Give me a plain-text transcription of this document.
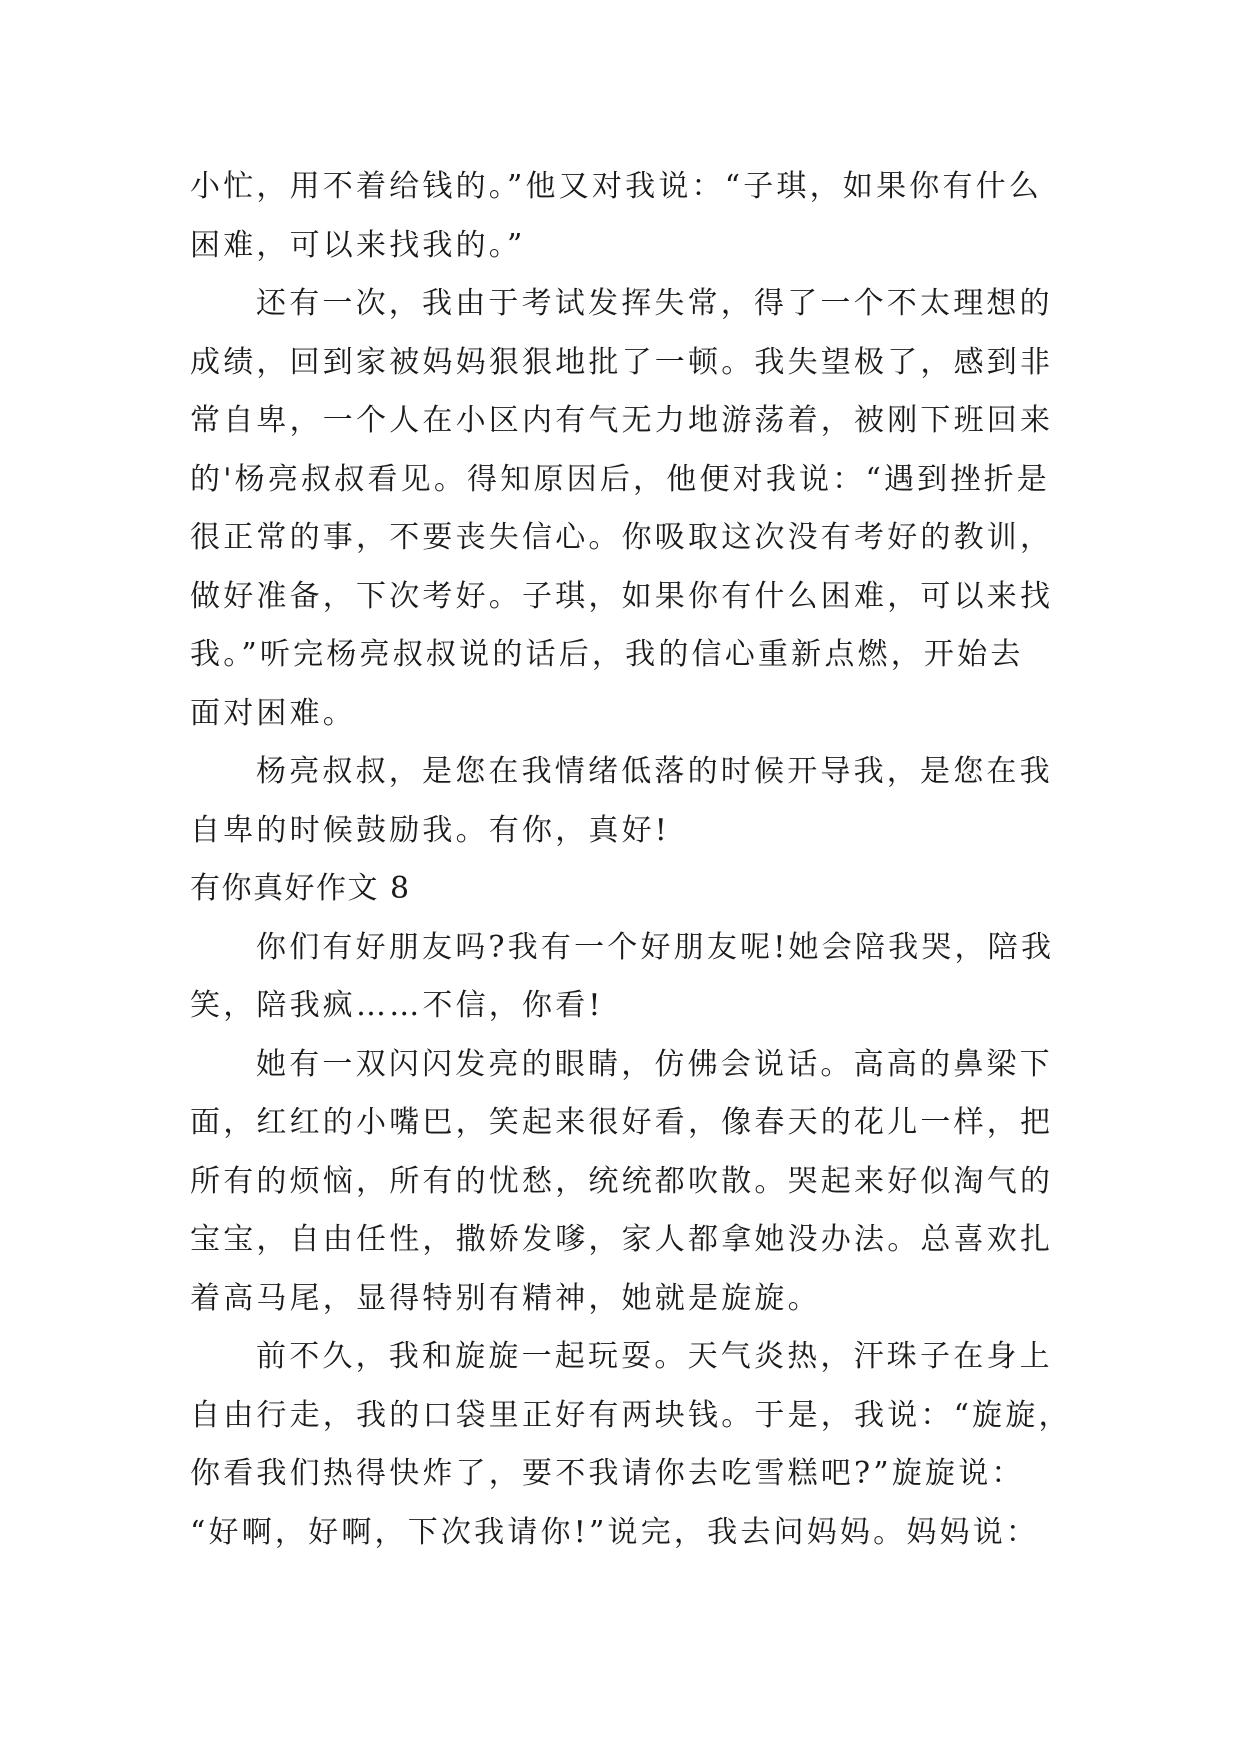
小忙，用不着给钱的。”他又对我说：“子琪，如果你有什么
困难，可以来找我的。”
还有一次，我由于考试发挥失常，得了一个不太理想的
成绩，回到家被妈妈狠狠地批了一顿。我失望极了，感到非
常自卑，一个人在小区内有气无力地游荡着，被刚下班回来
的'杨亮叔叔看见。得知原因后，他便对我说：“遇到挫折是
很正常的事，不要丧失信心。你吸取这次没有考好的教训，
做好准备，下次考好。子琪，如果你有什么困难，可以来找
我。”听完杨亮叔叔说的话后，我的信心重新点燃，开始去
面对困难。
杨亮叔叔，是您在我情绪低落的时候开导我，是您在我
自卑的时候鼓励我。有你，真好!
有你真好作文 8
你们有好朋友吗?我有一个好朋友呢!她会陪我哭，陪我
笑，陪我疯……不信，你看!
她有一双闪闪发亮的眼睛，仿佛会说话。高高的鼻梁下
面，红红的小嘴巴，笑起来很好看，像春天的花儿一样，把
所有的烦恼，所有的忧愁，统统都吹散。哭起来好似淘气的
宝宝，自由任性，撒娇发嗲，家人都拿她没办法。总喜欢扎
着高马尾，显得特别有精神，她就是旋旋。
前不久，我和旋旋一起玩耍。天气炎热，汗珠子在身上
自由行走，我的口袋里正好有两块钱。于是，我说：“旋旋，
你看我们热得快炸了，要不我请你去吃雪糕吧?”旋旋说：
“好啊，好啊，下次我请你!”说完，我去问妈妈。妈妈说：
